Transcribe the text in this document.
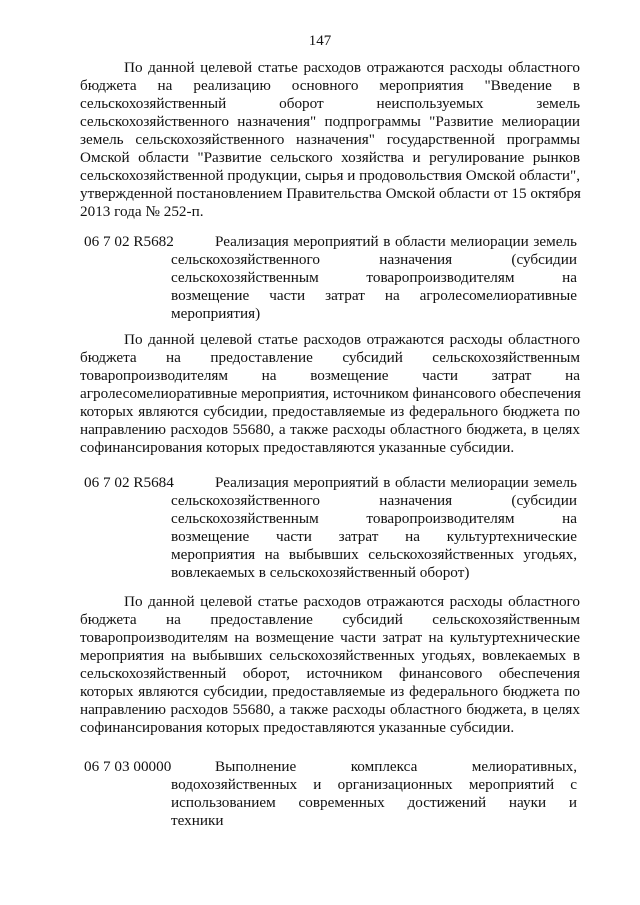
147
По данной целевой статье расходов отражаются расходы областного
бюджета на реализацию основного мероприятия "Введение в
сельскохозяйственный оборот неиспользуемых земель
сельскохозяйственного назначения" подпрограммы "Развитие мелиорации
земель сельскохозяйственного назначения" государственной программы
Омской области "Развитие сельского хозяйства и регулирование рынков
сельскохозяйственной продукции, сырья и продовольствия Омской области",
утвержденной постановлением Правительства Омской области от 15 октября
2013 года № 252-п.
06 7 02 R5682	Реализация мероприятий в области мелиорации земель
сельскохозяйственного назначения (субсидии
сельскохозяйственным товаропроизводителям на
возмещение части затрат на агролесомелиоративные
мероприятия)
По данной целевой статье расходов отражаются расходы областного
бюджета на предоставление субсидий сельскохозяйственным
товаропроизводителям на возмещение части затрат на
агролесомелиоративные мероприятия, источником финансового обеспечения
которых являются субсидии, предоставляемые из федерального бюджета по
направлению расходов 55680, а также расходы областного бюджета, в целях
софинансирования которых предоставляются указанные субсидии.
06 7 02 R5684	Реализация мероприятий в области мелиорации земель
сельскохозяйственного назначения (субсидии
сельскохозяйственным товаропроизводителям на
возмещение части затрат на культуртехнические
мероприятия на выбывших сельскохозяйственных угодьях,
вовлекаемых в сельскохозяйственный оборот)
По данной целевой статье расходов отражаются расходы областного
бюджета на предоставление субсидий сельскохозяйственным
товаропроизводителям на возмещение части затрат на культуртехнические
мероприятия на выбывших сельскохозяйственных угодьях, вовлекаемых в
сельскохозяйственный оборот, источником финансового обеспечения
которых являются субсидии, предоставляемые из федерального бюджета по
направлению расходов 55680, а также расходы областного бюджета, в целях
софинансирования которых предоставляются указанные субсидии.
06 7 03 00000	Выполнение комплекса мелиоративных,
водохозяйственных и организационных мероприятий с
использованием современных достижений науки и
техники
